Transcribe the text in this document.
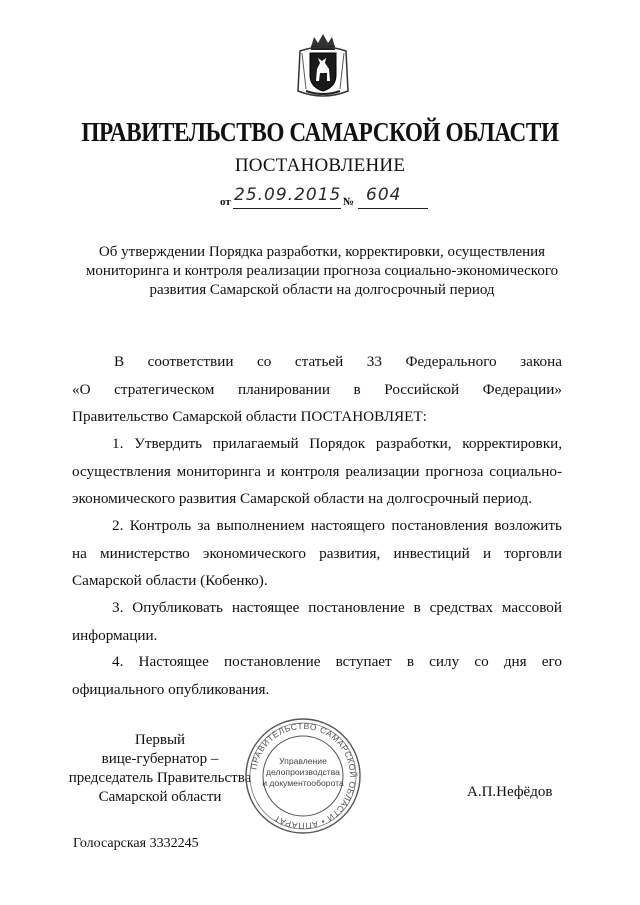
ПРАВИТЕЛЬСТВО САМАРСКОЙ ОБЛАСТИ
ПОСТАНОВЛЕНИЕ
от 25.09.2015 № 604
Об утверждении Порядка разработки, корректировки, осуществления
мониторинга и контроля реализации прогноза социально-экономического
развития Самарской области на долгосрочный период
В соответствии со статьей 33 Федерального закона
«О стратегическом планировании в Российской Федерации»
Правительство Самарской области ПОСТАНОВЛЯЕТ:
1. Утвердить прилагаемый Порядок разработки, корректировки, осуществления мониторинга и контроля реализации прогноза социально-экономического развития Самарской области на долгосрочный период.
2. Контроль за выполнением настоящего постановления возложить на министерство экономического развития, инвестиций и торговли Самарской области (Кобенко).
3. Опубликовать настоящее постановление в средствах массовой информации.
4. Настоящее постановление вступает в силу со дня его официального опубликования.
Первый
вице-губернатор –
председатель Правительства
Самарской области
ПРАВИТЕЛЬСТВО САМАРСКОЙ ОБЛАСТИ • АППАРАТ
Управление
делопроизводства
и документооборота
А.П.Нефёдов
Голосарская 3332245
